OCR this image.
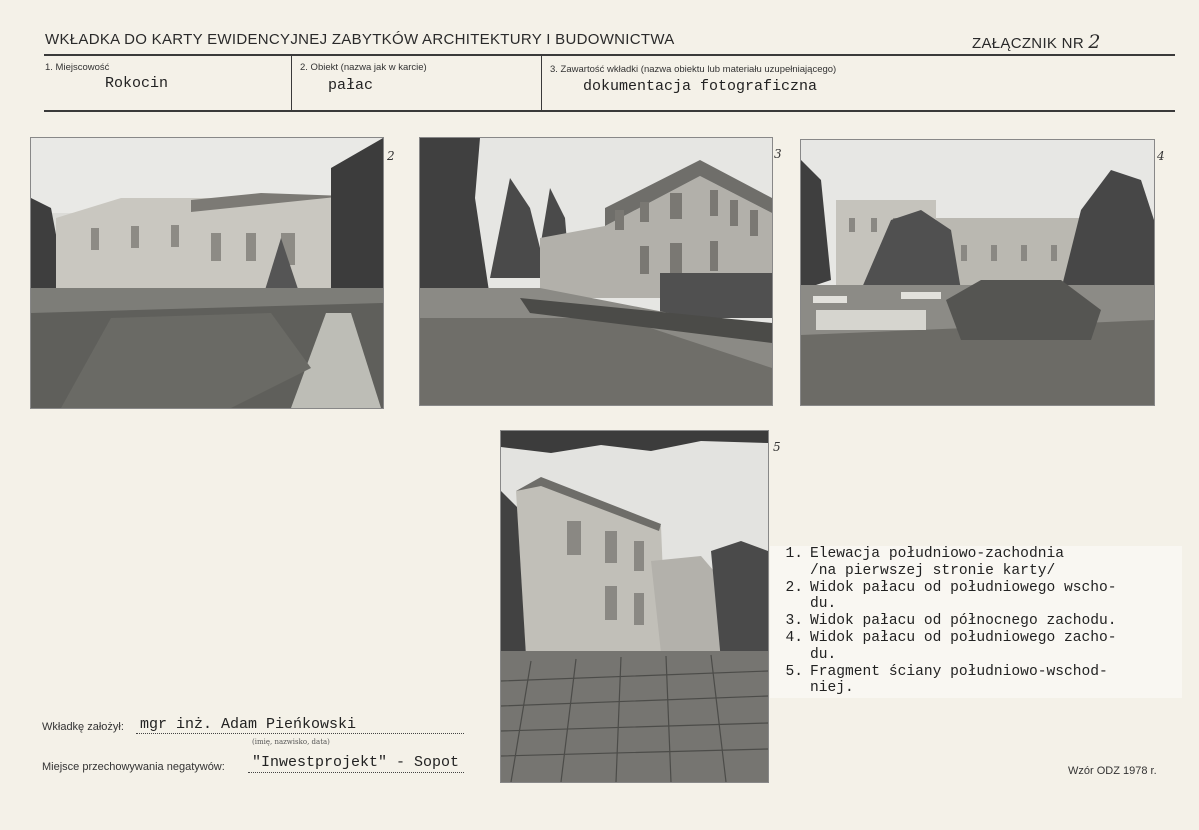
WKŁADKA DO KARTY EWIDENCYJNEJ ZABYTKÓW ARCHITEKTURY I BUDOWNICTWA	ZAŁĄCZNIK NR 2
1. Miejscowość
Rokocin
2. Obiekt (nazwa jak w karcie)
pałac
3. Zawartość wkładki (nazwa obiektu lub materiału uzupełniającego)
dokumentacja fotograficzna
2	3	4
5
1. Elewacja południowo-zachodnia
/na pierwszej stronie karty/
2. Widok pałacu od południowego wscho-
du.
3. Widok pałacu od północnego zachodu.
4. Widok pałacu od południowego zacho-
du.
5. Fragment ściany południowo-wschod-
niej.
Wkładkę założył: mgr inż. Adam Pieńkowski
(imię, nazwisko, data)
Miejsce przechowywania negatywów: "Inwestprojekt" - Sopot	Wzór ODZ 1978 r.
